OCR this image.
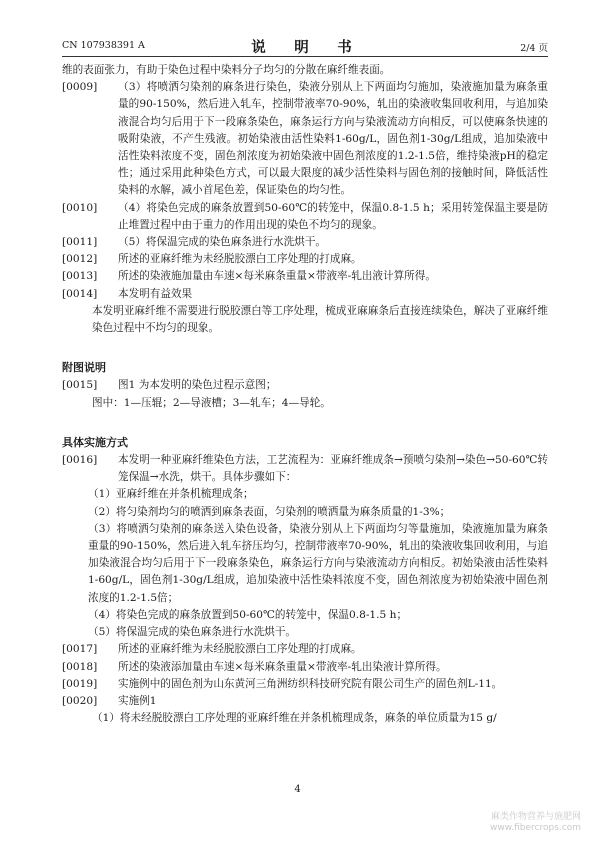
CN 107938391 A	说　明　书	2/4 页

维的表面张力，有助于染色过程中染料分子均匀的分散在麻纤维表面。

[0009] （3）将喷洒匀染剂的麻条进行染色，染液分别从上下两面均匀施加，染液施加量为麻条重量的90-150%，然后进入轧车，控制带液率70-90%，轧出的染液收集回收利用，与追加染液混合均匀后用于下一段麻条染色，麻条运行方向与染液流动方向相反，可以使麻条快速的吸附染液，不产生残液。初始染液由活性染料1-60g/L，固色剂1-30g/L组成，追加染液中活性染料浓度不变，固色剂浓度为初始染液中固色剂浓度的1.2-1.5倍，维持染液pH的稳定性；通过采用此种染色方式，可以最大限度的减少活性染料与固色剂的接触时间，降低活性染料的水解，减小首尾色差，保证染色的均匀性。

[0010] （4）将染色完成的麻条放置到50-60℃的转笼中，保温0.8-1.5 h；采用转笼保温主要是防止堆置过程中由于重力的作用出现的染色不均匀的现象。

[0011] （5）将保温完成的染色麻条进行水洗烘干。

[0012] 所述的亚麻纤维为未经脱胶漂白工序处理的打成麻。

[0013] 所述的染液施加量由车速×每米麻条重量×带液率-轧出液计算所得。

[0014] 本发明有益效果

本发明亚麻纤维不需要进行脱胶漂白等工序处理，梳成亚麻麻条后直接连续染色，解决了亚麻纤维染色过程中不均匀的现象。

附图说明

[0015] 图1 为本发明的染色过程示意图；

图中：1—压辊；2—导液槽；3—轧车；4—导轮。

具体实施方式

[0016] 本发明一种亚麻纤维染色方法，工艺流程为：亚麻纤维成条→预喷匀染剂→染色→50-60℃转笼保温→水洗，烘干。具体步骤如下：

（1）亚麻纤维在并条机梳理成条；

（2）将匀染剂均匀的喷洒到麻条表面，匀染剂的喷洒量为麻条质量的1-3%；

（3）将喷洒匀染剂的麻条送入染色设备，染液分别从上下两面均匀等量施加，染液施加量为麻条重量的90-150%，然后进入轧车挤压均匀，控制带液率70-90%，轧出的染液收集回收利用，与追加染液混合均匀后用于下一段麻条染色，麻条运行方向与染液流动方向相反。初始染液由活性染料1-60g/L，固色剂1-30g/L组成，追加染液中活性染料浓度不变，固色剂浓度为初始染液中固色剂浓度的1.2-1.5倍；

（4）将染色完成的麻条放置到50-60℃的转笼中，保温0.8-1.5 h；

（5）将保温完成的染色麻条进行水洗烘干。

[0017] 所述的亚麻纤维为未经脱胶漂白工序处理的打成麻。

[0018] 所述的染液添加量由车速×每米麻条重量×带液率-轧出染液计算所得。

[0019] 实施例中的固色剂为山东黄河三角洲纺织科技研究院有限公司生产的固色剂L-11。

[0020] 实施例1

（1）将未经脱胶漂白工序处理的亚麻纤维在并条机梳理成条，麻条的单位质量为15 g/

4
麻类作物营养与施肥网
www.fibercrops.com
